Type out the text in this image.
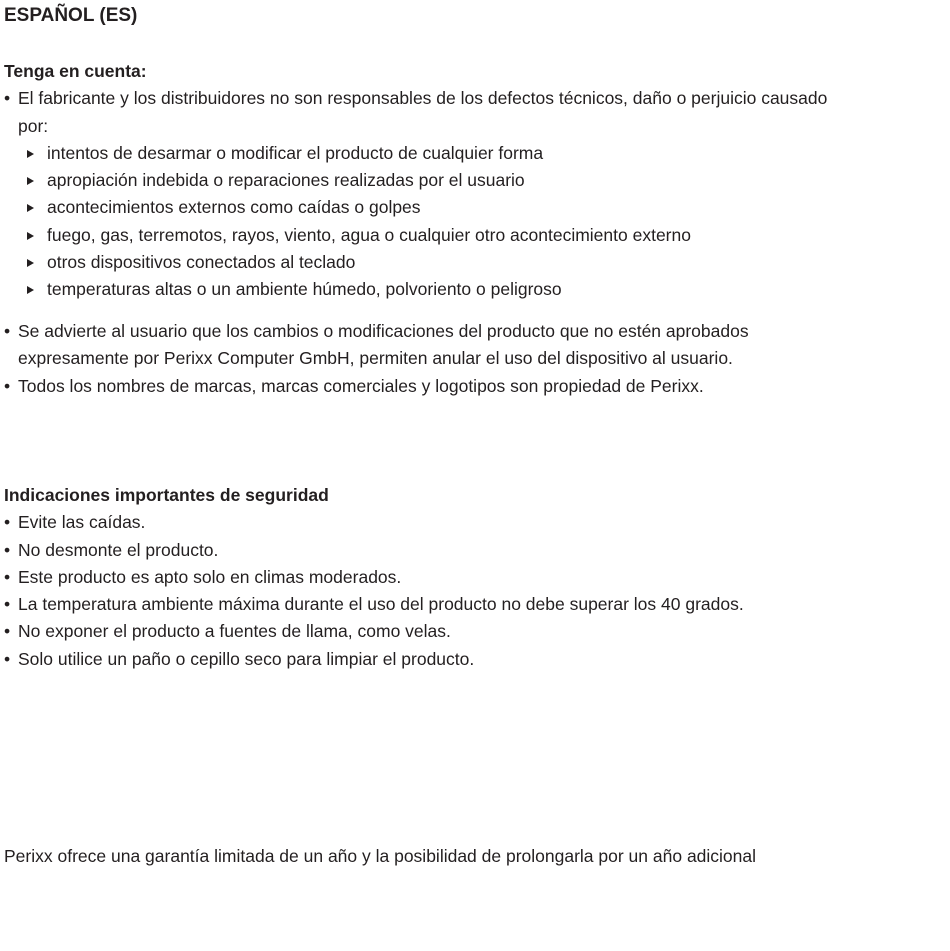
ESPAÑOL (ES)
Tenga en cuenta:
• El fabricante y los distribuidores no son responsables de los defectos técnicos, daño o perjuicio causado
por:
intentos de desarmar o modificar el producto de cualquier forma
apropiación indebida o reparaciones realizadas por el usuario
acontecimientos externos como caídas o golpes
fuego, gas, terremotos, rayos, viento, agua o cualquier otro acontecimiento externo
otros dispositivos conectados al teclado
temperaturas altas o un ambiente húmedo, polvoriento o peligroso
• Se advierte al usuario que los cambios o modificaciones del producto que no estén aprobados
expresamente por Perixx Computer GmbH, permiten anular el uso del dispositivo al usuario.
• Todos los nombres de marcas, marcas comerciales y logotipos son propiedad de Perixx.
Indicaciones importantes de seguridad
• Evite las caídas.
• No desmonte el producto.
• Este producto es apto solo en climas moderados.
• La temperatura ambiente máxima durante el uso del producto no debe superar los 40 grados.
• No exponer el producto a fuentes de llama, como velas.
• Solo utilice un paño o cepillo seco para limpiar el producto.
Perixx ofrece una garantía limitada de un año y la posibilidad de prolongarla por un año adicional
